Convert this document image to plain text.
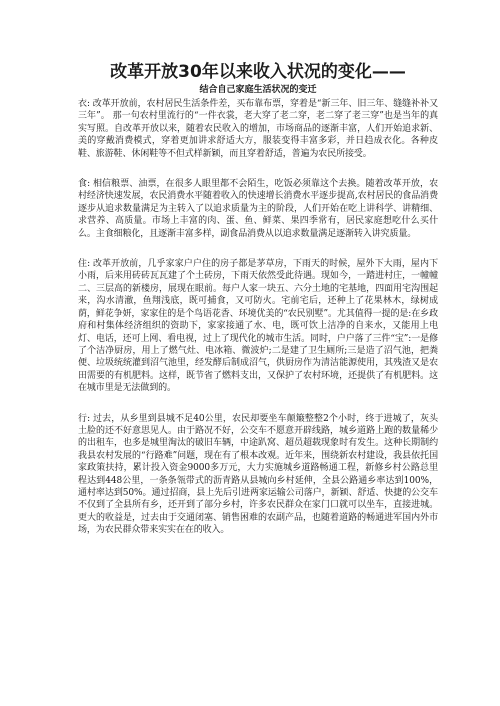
改革开放30年以来收入状况的变化——
结合自己家庭生活状况的变迁

衣: 改革开放前，农村居民生活条件差，买布靠布票，穿着是“新三年、旧三年、缝缝补补又三年”。 那一句农村里流行的“一件衣裳，老大穿了老二穿，老二穿了老三穿”也是当年的真实写照。自改革开放以来，随着农民收入的增加，市场商品的逐渐丰富，人们开始追求新、美的穿戴消费模式，穿着更加讲求舒适大方，服装变得丰富多彩，并日趋成衣化。各种皮鞋、旅游鞋、休闲鞋等不但式样新颖，而且穿着舒适，普遍为农民所接受。

食: 相信粮票、油票，在很多人眼里都不会陌生，吃饭必须靠这个去换。随着改革开放，农村经济快速发展，农民消费水平随着收入的快速增长消费水平逐步提高,农村居民的食品消费逐步从追求数量满足为主转入了以追求质量为主的阶段，人们开始在吃上讲科学、讲精细、求营养、高质量。市场上丰富的肉、蛋、鱼、鲜菜、果四季常有，居民家庭想吃什么买什么。主食细粮化，且逐渐丰富多样，副食品消费从以追求数量满足逐渐转入讲究质量。

住: 改革开放前，几乎家家户户住的房子都是茅草房，下雨天的时候，屋外下大雨，屋内下小雨，后来用砖砖瓦瓦建了个土砖房，下雨天依然受此待遇。现如今，一踏进村庄，一幢幢二、三层高的新楼房，展现在眼前。每户人家一块五、六分土地的宅基地，四面用宅沟围起来，沟水清澈，鱼翔浅底，既可捕食，又可防火。宅前宅后，还种上了花果林木，绿树成荫，鲜花争妍，家家住的是个鸟语花香、环境优美的“农民别墅”。尤其值得一提的是:在乡政府和村集体经济组织的资助下，家家接通了水、电，既可饮上洁净的自来水，又能用上电灯、电话，还可上网、看电视，过上了现代化的城市生活。同时，户户落了三件“宝”:一是修了个洁净厨房，用上了燃气灶、电冰箱、微波炉;二是建了卫生厕所;三是造了沼气池，把粪便、垃圾统统灌到沼气池里，经发酵后制成沼气，供厨房作为清洁能源使用，其残渣又是农田需要的有机肥料。这样，既节省了燃料支出，又保护了农村环境，还提供了有机肥料。这在城市里是无法做到的。

行: 过去，从乡里到县城不足40公里，农民却要坐车颠簸整整2个小时，终于进城了，灰头土脸的还不好意思见人。由于路况不好，公交车不愿意开辟线路，城乡道路上跑的数量稀少的出租车，也多是城里淘汰的破旧车辆，中途趴窝、超员超载现象时有发生。这种长期制约我县农村发展的“行路难”问题，现在有了根本改观。近年来，围绕新农村建设，我县依托国家政策扶持，累计投入资金9000多万元，大力实施城乡道路畅通工程，新修乡村公路总里程达到448公里，一条条瓴带式的沥青路从县城向乡村延伸，全县公路通乡率达到100%，通村率达到50%。通过招商，县上先后引进两家运输公司落户，新颖、舒适、快捷的公交车不仅到了全县所有乡，还开到了部分乡村，许多农民群众在家门口就可以坐车，直接进城。更大的收益是，过去由于交通闭塞、销售困难的农副产品，也随着道路的畅通进军国内外市场，为农民群众带来实实在在的收入。
